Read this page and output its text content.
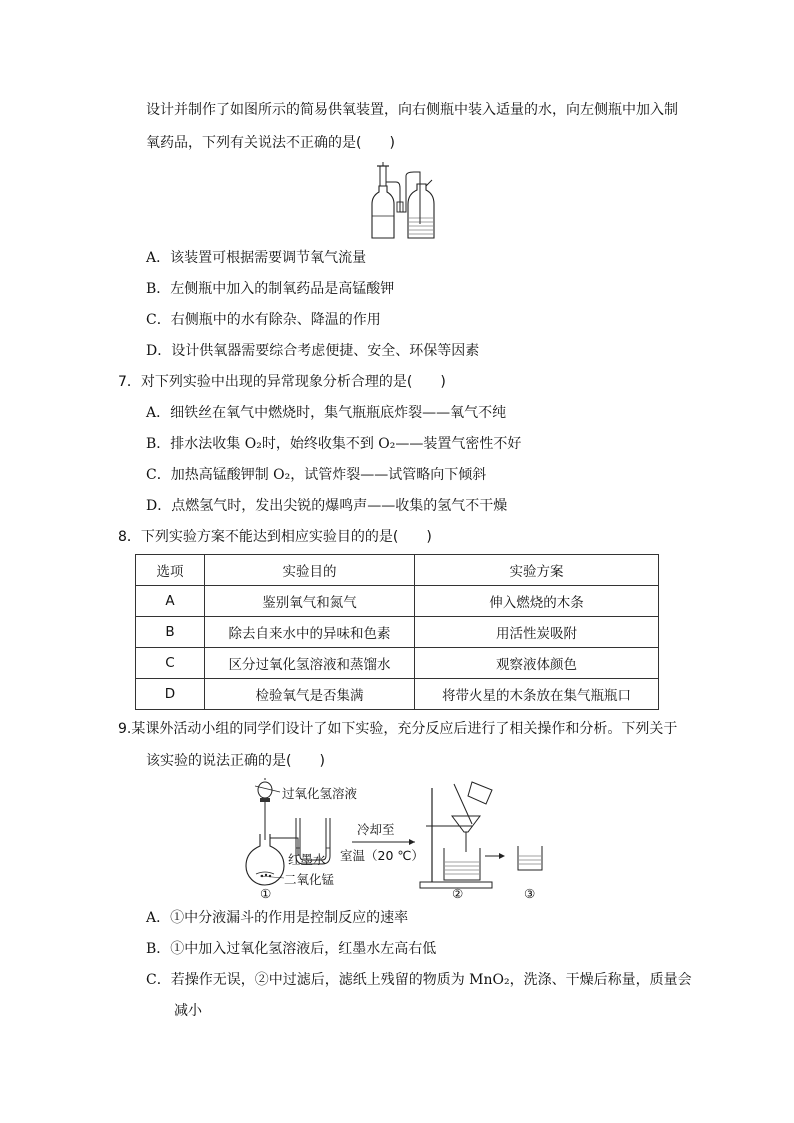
设计并制作了如图所示的简易供氧装置，向右侧瓶中装入适量的水，向左侧瓶中加入制
氧药品，下列有关说法不正确的是(　　)
A．该装置可根据需要调节氧气流量
B．左侧瓶中加入的制氧药品是高锰酸钾
C．右侧瓶中的水有除杂、降温的作用
D．设计供氧器需要综合考虑便捷、安全、环保等因素
7．对下列实验中出现的异常现象分析合理的是(　　)
A．细铁丝在氧气中燃烧时，集气瓶瓶底炸裂——氧气不纯
B．排水法收集 O₂时，始终收集不到 O₂——装置气密性不好
C．加热高锰酸钾制 O₂，试管炸裂——试管略向下倾斜
D．点燃氢气时，发出尖锐的爆鸣声——收集的氢气不干燥
8．下列实验方案不能达到相应实验目的的是(　　)
选项	实验目的	实验方案
A	鉴别氧气和氮气	伸入燃烧的木条
B	除去自来水中的异味和色素	用活性炭吸附
C	区分过氧化氢溶液和蒸馏水	观察液体颜色
D	检验氧气是否集满	将带火星的木条放在集气瓶瓶口
9.某课外活动小组的同学们设计了如下实验，充分反应后进行了相关操作和分析。下列关于
该实验的说法正确的是(　　)
过氧化氢溶液
红墨水
二氧化锰
①
冷却至
室温（20 ℃）
②	③
A．①中分液漏斗的作用是控制反应的速率
B．①中加入过氧化氢溶液后，红墨水左高右低
C．若操作无误，②中过滤后，滤纸上残留的物质为 MnO₂，洗涤、干燥后称量，质量会
减小
